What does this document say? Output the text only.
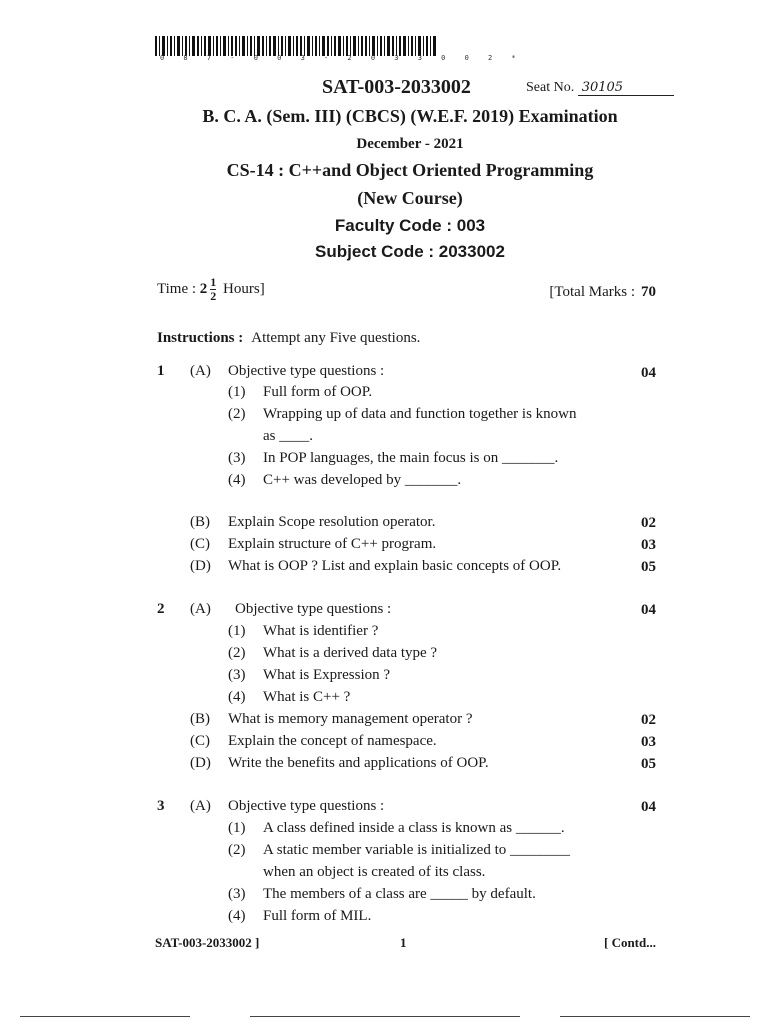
0 8 7 - 0 0 3 - 2 0 3 3 0 0 2 *
SAT-003-2033002	Seat No. 30105
B. C. A. (Sem. III) (CBCS) (W.E.F. 2019) Examination
December - 2021
CS-14 : C++and Object Oriented Programming
(New Course)
Faculty Code : 003
Subject Code : 2033002
Time : $2 \frac{1}{2}$ Hours]	[Total Marks : 70
Instructions : Attempt any Five questions.
1 (A) Objective type questions :	04
(1) Full form of OOP.
(2) Wrapping up of data and function together is known
as ____.
(3) In POP languages, the main focus is on _______.
(4) C++ was developed by _______.
(B) Explain Scope resolution operator.	02
(C) Explain structure of C++ program.	03
(D) What is OOP ? List and explain basic concepts of OOP.	05
2 (A) Objective type questions :	04
(1) What is identifier ?
(2) What is a derived data type ?
(3) What is Expression ?
(4) What is C++ ?
(B) What is memory management operator ?	02
(C) Explain the concept of namespace.	03
(D) Write the benefits and applications of OOP.	05
3 (A) Objective type questions :	04
(1) A class defined inside a class is known as ______.
(2) A static member variable is initialized to ________
when an object is created of its class.
(3) The members of a class are _____ by default.
(4) Full form of MIL.
SAT-003-2033002 ]	1	[ Contd...
